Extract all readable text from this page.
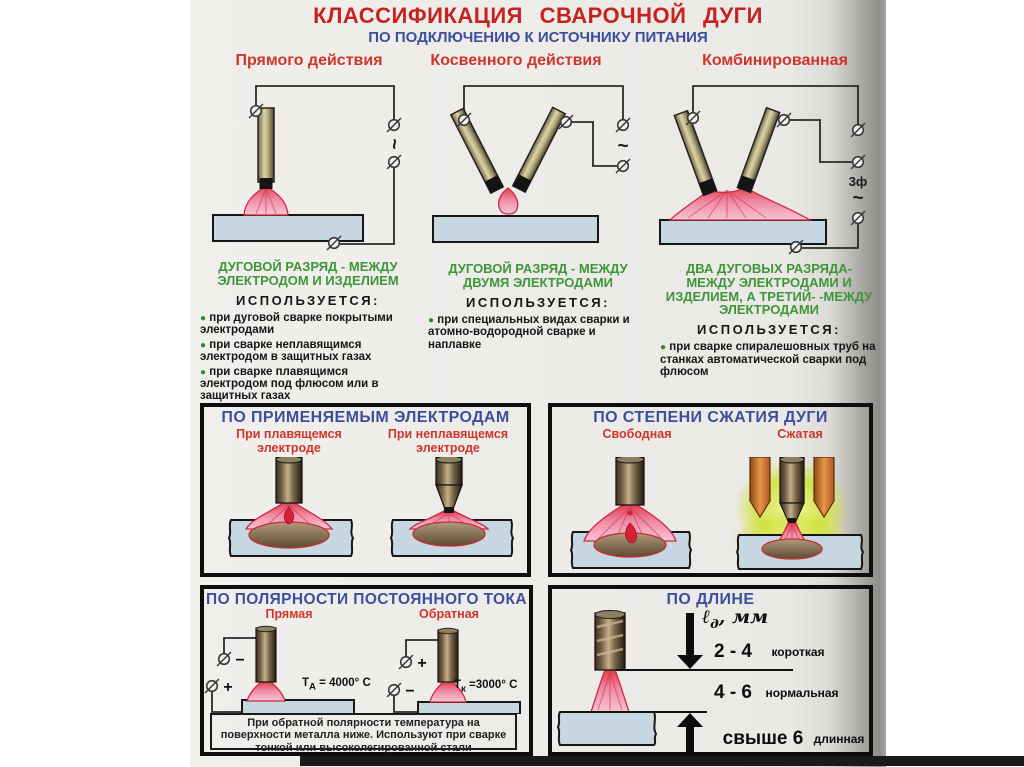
КЛАССИФИКАЦИЯ СВАРОЧНОЙ ДУГИ
ПО ПОДКЛЮЧЕНИЮ К ИСТОЧНИКУ ПИТАНИЯ
Прямого действия	Косвенного действия	Комбинированная
~	~
3ф
~
ДУГОВОЙ РАЗРЯД - МЕЖДУ ЭЛЕКТРОДОМ И ИЗДЕЛИЕМ
ИСПОЛЬЗУЕТСЯ:
● при дуговой сварке покрытыми электродами
● при сварке неплавящимся электродом в защитных газах
● при сварке плавящимся электродом под флюсом или в защитных газах
ДУГОВОЙ РАЗРЯД - МЕЖДУ ДВУМЯ ЭЛЕКТРОДАМИ
ИСПОЛЬЗУЕТСЯ:
● при специальных видах сварки и атомно-водородной сварке и наплавке
ДВА ДУГОВЫХ РАЗРЯДА- МЕЖДУ ЭЛЕКТРОДАМИ И ИЗДЕЛИЕМ, А ТРЕТИЙ- -МЕЖДУ ЭЛЕКТРОДАМИ
ИСПОЛЬЗУЕТСЯ:
● при сварке спиралешовных труб на станках автоматической сварки под флюсом
ПО ПРИМЕНЯЕМЫМ ЭЛЕКТРОДАМ
При плавящемся электроде
При неплавящемся электроде
ПО СТЕПЕНИ СЖАТИЯ ДУГИ
Свободная	Сжатая
ПО ПОЛЯРНОСТИ ПОСТОЯННОГО ТОКА
Прямая	Обратная
−
+
+
−
$T_А = 4000^\circ$ C	$T_к =3000^\circ$ C
При обратной полярности температура на поверхности металла ниже. Используют при сварке тонкой или высоколегированной стали
ПО ДЛИНЕ
2 - 4 короткая
4 - 6 нормальная
свыше 6 длинная
ℓ$_д$, мм
